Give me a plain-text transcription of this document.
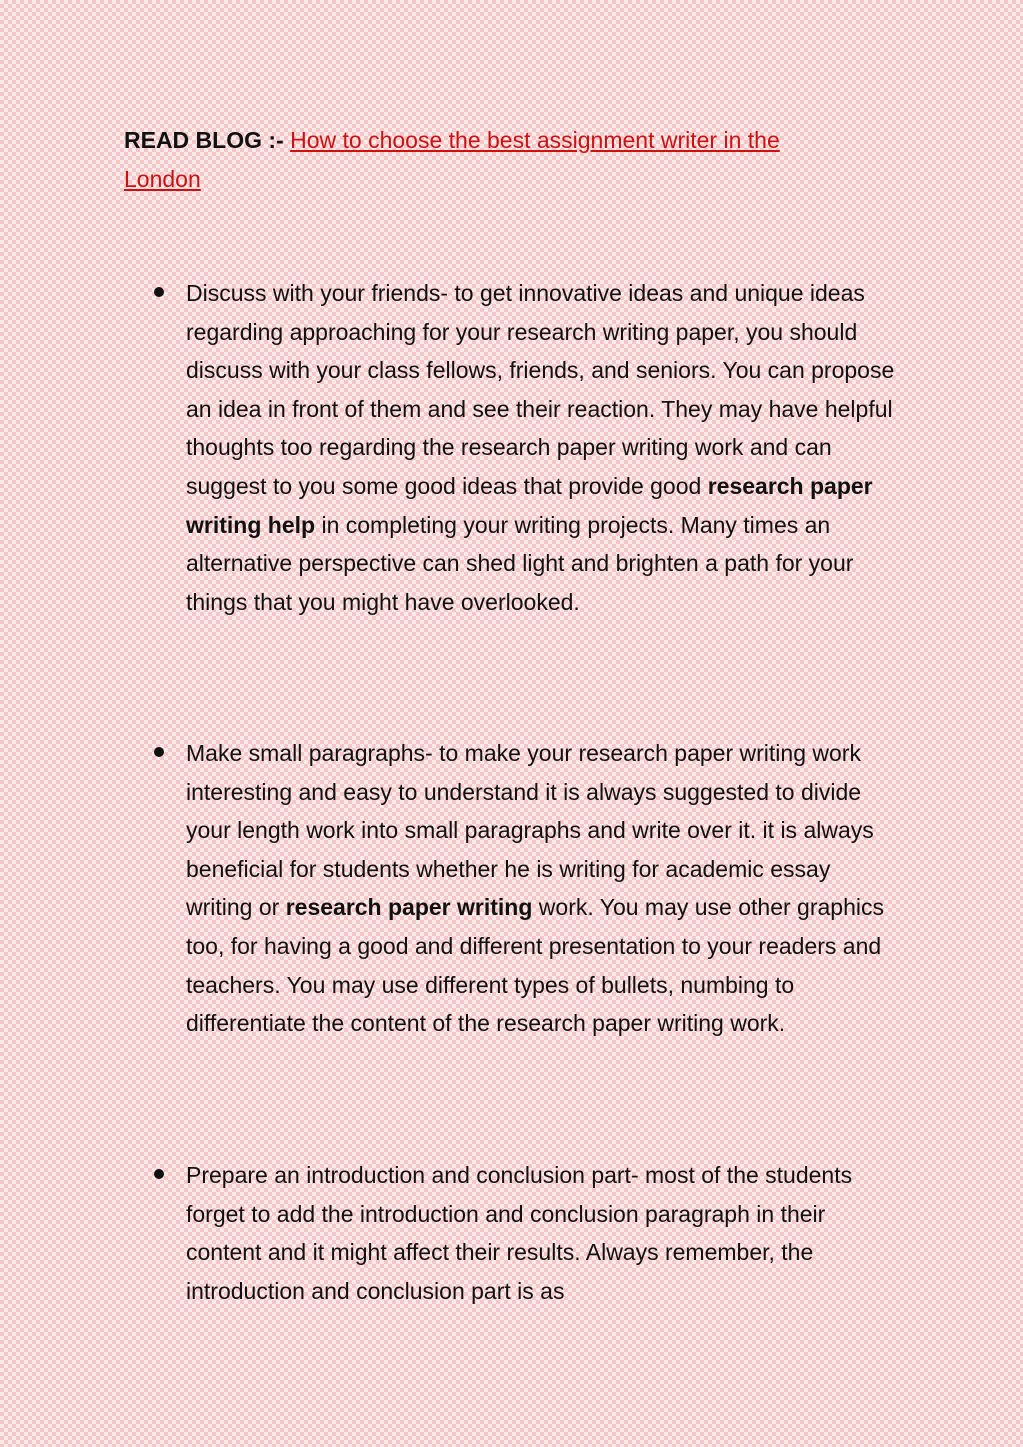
READ BLOG :- How to choose the best assignment writer in the London
Discuss with your friends- to get innovative ideas and unique ideas regarding approaching for your research writing paper, you should discuss with your class fellows, friends, and seniors. You can propose an idea in front of them and see their reaction. They may have helpful thoughts too regarding the research paper writing work and can suggest to you some good ideas that provide good research paper writing help in completing your writing projects. Many times an alternative perspective can shed light and brighten a path for your things that you might have overlooked.
Make small paragraphs- to make your research paper writing work interesting and easy to understand it is always suggested to divide your length work into small paragraphs and write over it. it is always beneficial for students whether he is writing for academic essay writing or research paper writing work. You may use other graphics too, for having a good and different presentation to your readers and teachers. You may use different types of bullets, numbing to differentiate the content of the research paper writing work.
Prepare an introduction and conclusion part- most of the students forget to add the introduction and conclusion paragraph in their content and it might affect their results. Always remember, the introduction and conclusion part is as
